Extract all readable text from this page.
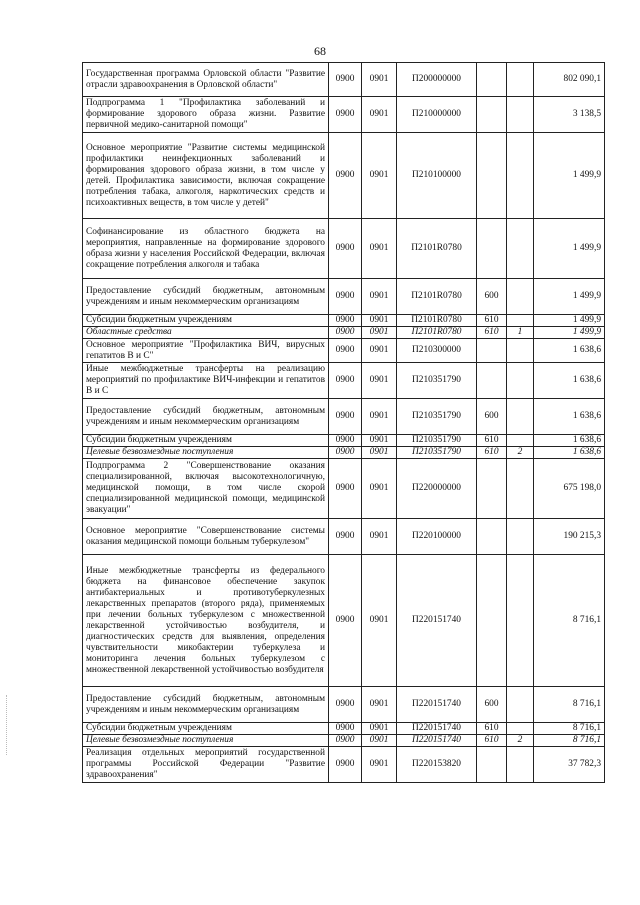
68
Государственная программа Орловской области "Развитие отрасли здравоохранения в Орловской области"	0900	0901	П200000000			802 090,1
Подпрограмма 1 "Профилактика заболеваний и формирование здорового образа жизни. Развитие первичной медико-санитарной помощи"	0900	0901	П210000000			3 138,5
Основное мероприятие "Развитие системы медицинской профилактики неинфекционных заболеваний и формирования здорового образа жизни, в том числе у детей. Профилактика зависимости, включая сокращение потребления табака, алкоголя, наркотических средств и психоактивных веществ, в том числе у детей"	0900	0901	П210100000			1 499,9
Софинансирование из областного бюджета на мероприятия, направленные на формирование здорового образа жизни у населения Российской Федерации, включая сокращение потребления алкоголя и табака	0900	0901	П2101R0780			1 499,9
Предоставление субсидий бюджетным, автономным учреждениям и иным некоммерческим организациям	0900	0901	П2101R0780	600		1 499,9
Субсидии бюджетным учреждениям	0900	0901	П2101R0780	610		1 499,9
Областные средства	0900	0901	П2101R0780	610	1	1 499,9
Основное мероприятие "Профилактика ВИЧ, вирусных гепатитов В и С"	0900	0901	П210300000			1 638,6
Иные межбюджетные трансферты на реализацию мероприятий по профилактике ВИЧ-инфекции и гепатитов В и С	0900	0901	П210351790			1 638,6
Предоставление субсидий бюджетным, автономным учреждениям и иным некоммерческим организациям	0900	0901	П210351790	600		1 638,6
Субсидии бюджетным учреждениям	0900	0901	П210351790	610		1 638,6
Целевые безвозмездные поступления	0900	0901	П210351790	610	2	1 638,6
Подпрограмма 2 "Совершенствование оказания специализированной, включая высокотехнологичную, медицинской помощи, в том числе скорой специализированной медицинской помощи, медицинской эвакуации"	0900	0901	П220000000			675 198,0
Основное мероприятие "Совершенствование системы оказания медицинской помощи больным туберкулезом"	0900	0901	П220100000			190 215,3
Иные межбюджетные трансферты из федерального бюджета на финансовое обеспечение закупок антибактериальных и противотуберкулезных лекарственных препаратов (второго ряда), применяемых при лечении больных туберкулезом с множественной лекарственной устойчивостью возбудителя, и диагностических средств для выявления, определения чувствительности микобактерии туберкулеза и мониторинга лечения больных туберкулезом с множественной лекарственной устойчивостью возбудителя	0900	0901	П220151740			8 716,1
Предоставление субсидий бюджетным, автономным учреждениям и иным некоммерческим организациям	0900	0901	П220151740	600		8 716,1
Субсидии бюджетным учреждениям	0900	0901	П220151740	610		8 716,1
Целевые безвозмездные поступления	0900	0901	П220151740	610	2	8 716,1
Реализация отдельных мероприятий государственной программы Российской Федерации "Развитие здравоохранения"	0900	0901	П220153820			37 782,3
